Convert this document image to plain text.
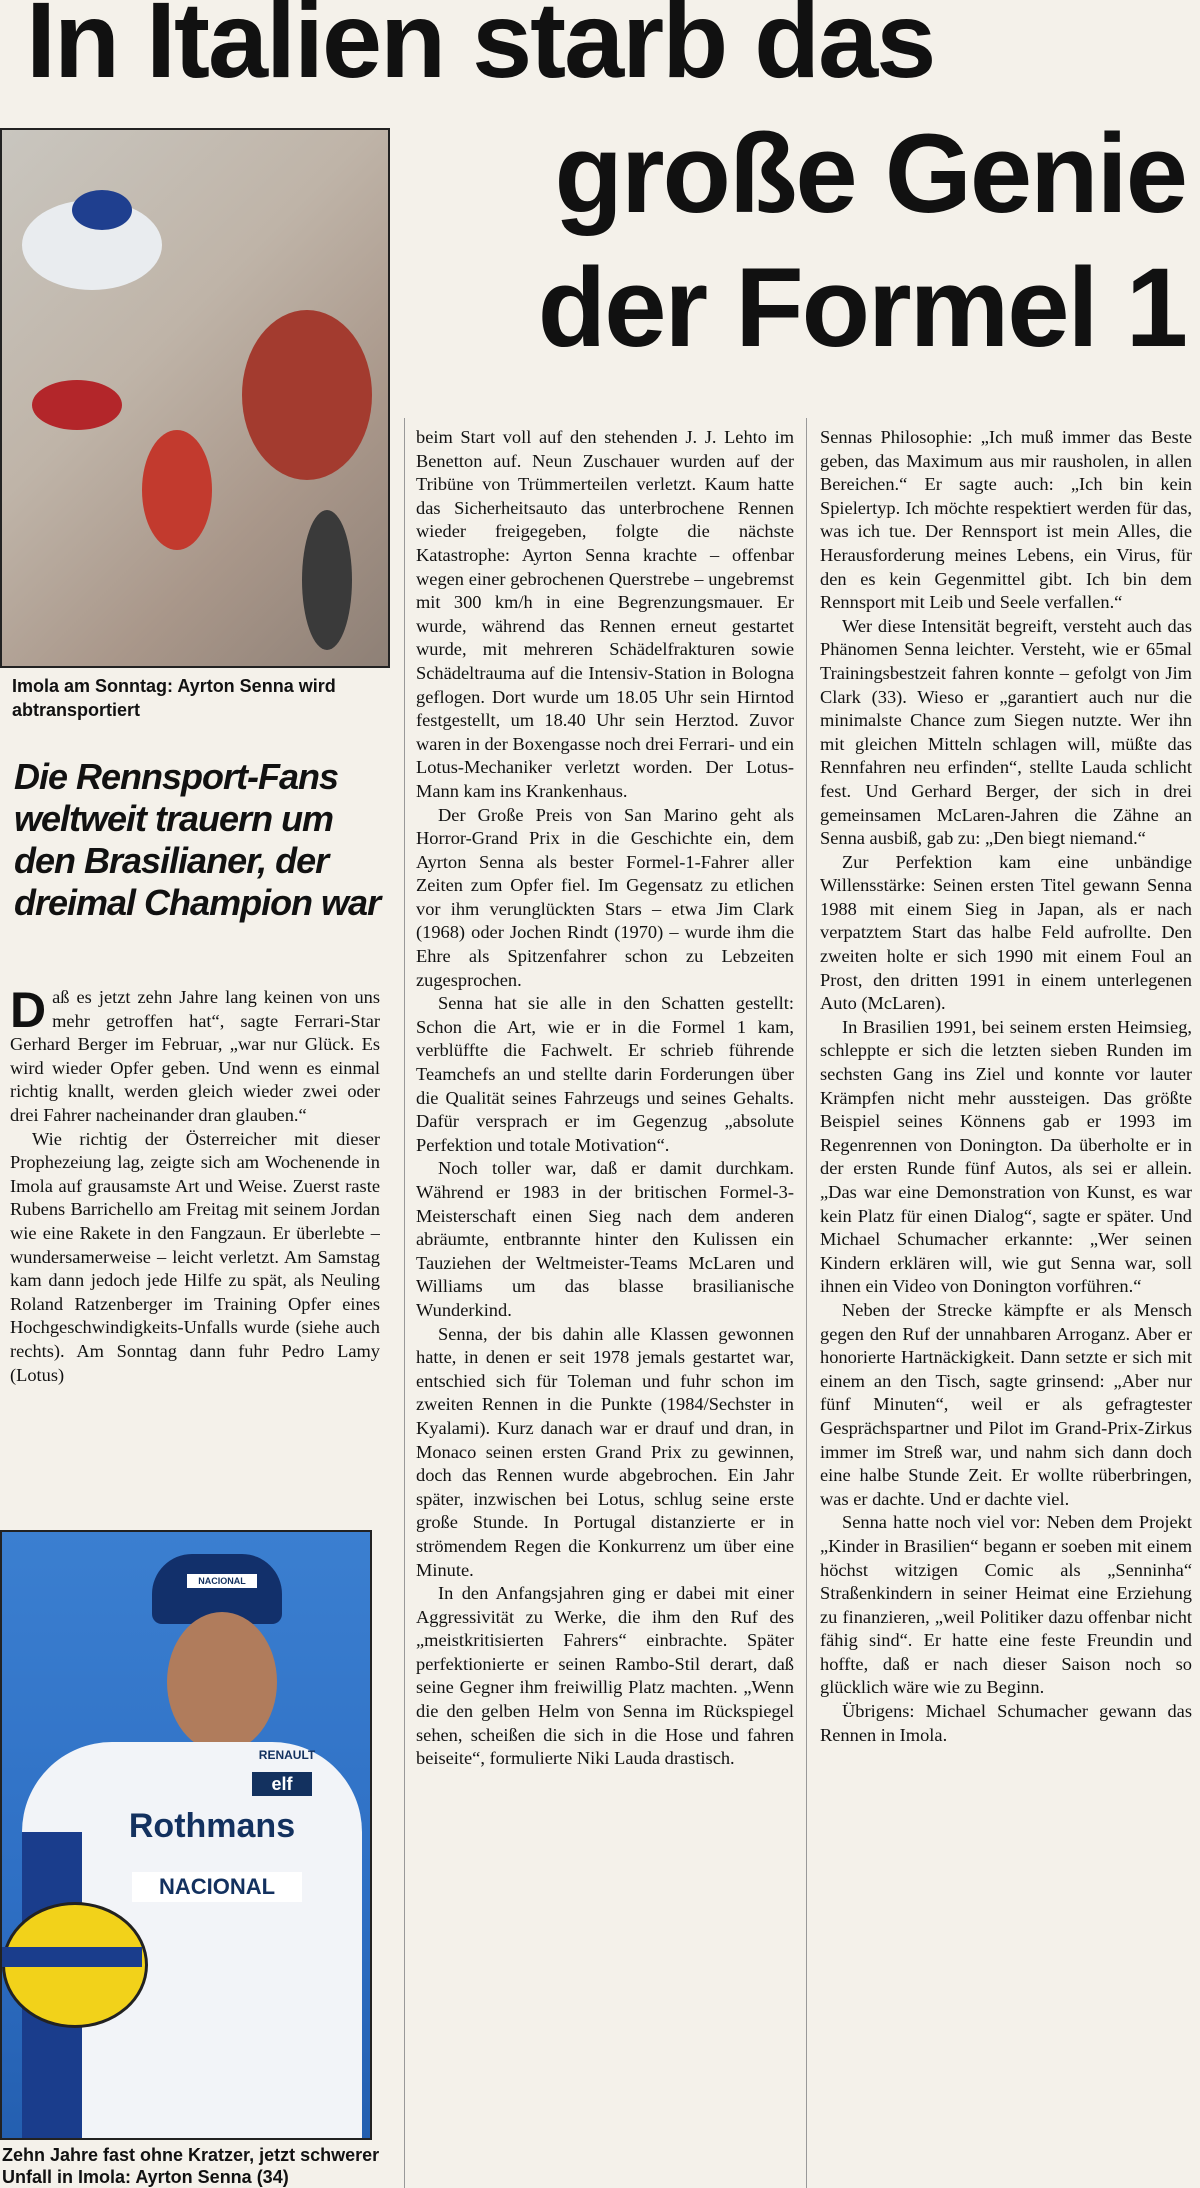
In Italien starb das
große Genie
der Formel 1
Imola am Sonntag: Ayrton Senna wird abtransportiert
Die Rennsport-Fans weltweit trauern um den Brasilianer, der dreimal Champion war

Daß es jetzt zehn Jahre lang keinen von uns mehr getroffen hat“, sagte Ferrari-Star Gerhard Berger im Februar, „war nur Glück. Es wird wieder Opfer geben. Und wenn es einmal richtig knallt, werden gleich wieder zwei oder drei Fahrer nacheinander dran glauben.“

Wie richtig der Österreicher mit dieser Prophezeiung lag, zeigte sich am Wochenende in Imola auf grausamste Art und Weise. Zuerst raste Rubens Barrichello am Freitag mit seinem Jordan wie eine Rakete in den Fangzaun. Er überlebte – wundersamerweise – leicht verletzt. Am Samstag kam dann jedoch jede Hilfe zu spät, als Neuling Roland Ratzenberger im Training Opfer eines Hochgeschwindigkeits-Unfalls wurde (siehe auch rechts). Am Sonntag dann fuhr Pedro Lamy (Lotus)

beim Start voll auf den stehenden J. J. Lehto im Benetton auf. Neun Zuschauer wurden auf der Tribüne von Trümmerteilen verletzt. Kaum hatte das Sicherheitsauto das unterbrochene Rennen wieder freigegeben, folgte die nächste Katastrophe: Ayrton Senna krachte – offenbar wegen einer gebrochenen Querstrebe – ungebremst mit 300 km/h in eine Begrenzungsmauer. Er wurde, während das Rennen erneut gestartet wurde, mit mehreren Schädelfrakturen sowie Schädeltrauma auf die Intensiv-Station in Bologna geflogen. Dort wurde um 18.05 Uhr sein Hirntod festgestellt, um 18.40 Uhr sein Herztod. Zuvor waren in der Boxengasse noch drei Ferrari- und ein Lotus-Mechaniker verletzt worden. Der Lotus-Mann kam ins Krankenhaus.

Der Große Preis von San Marino geht als Horror-Grand Prix in die Geschichte ein, dem Ayrton Senna als bester Formel-1-Fahrer aller Zeiten zum Opfer fiel. Im Gegensatz zu etlichen vor ihm verunglückten Stars – etwa Jim Clark (1968) oder Jochen Rindt (1970) – wurde ihm die Ehre als Spitzenfahrer schon zu Lebzeiten zugesprochen.

Senna hat sie alle in den Schatten gestellt: Schon die Art, wie er in die Formel 1 kam, verblüffte die Fachwelt. Er schrieb führende Teamchefs an und stellte darin Forderungen über die Qualität seines Fahrzeugs und seines Gehalts. Dafür versprach er im Gegenzug „absolute Perfektion und totale Motivation“.

Noch toller war, daß er damit durchkam. Während er 1983 in der britischen Formel-3-Meisterschaft einen Sieg nach dem anderen abräumte, entbrannte hinter den Kulissen ein Tauziehen der Weltmeister-Teams McLaren und Williams um das blasse brasilianische Wunderkind.

Senna, der bis dahin alle Klassen gewonnen hatte, in denen er seit 1978 jemals gestartet war, entschied sich für Toleman und fuhr schon im zweiten Rennen in die Punkte (1984/Sechster in Kyalami). Kurz danach war er drauf und dran, in Monaco seinen ersten Grand Prix zu gewinnen, doch das Rennen wurde abgebrochen. Ein Jahr später, inzwischen bei Lotus, schlug seine erste große Stunde. In Portugal distanzierte er in strömendem Regen die Konkurrenz um über eine Minute.

In den Anfangsjahren ging er dabei mit einer Aggressivität zu Werke, die ihm den Ruf des „meistkritisierten Fahrers“ einbrachte. Später perfektionierte er seinen Rambo-Stil derart, daß seine Gegner ihm freiwillig Platz machten. „Wenn die den gelben Helm von Senna im Rückspiegel sehen, scheißen die sich in die Hose und fahren beiseite“, formulierte Niki Lauda drastisch.

Sennas Philosophie: „Ich muß immer das Beste geben, das Maximum aus mir rausholen, in allen Bereichen.“ Er sagte auch: „Ich bin kein Spielertyp. Ich möchte respektiert werden für das, was ich tue. Der Rennsport ist mein Alles, die Herausforderung meines Lebens, ein Virus, für den es kein Gegenmittel gibt. Ich bin dem Rennsport mit Leib und Seele verfallen.“

Wer diese Intensität begreift, versteht auch das Phänomen Senna leichter. Versteht, wie er 65mal Trainingsbestzeit fahren konnte – gefolgt von Jim Clark (33). Wieso er „garantiert auch nur die minimalste Chance zum Siegen nutzte. Wer ihn mit gleichen Mitteln schlagen will, müßte das Rennfahren neu erfinden“, stellte Lauda schlicht fest. Und Gerhard Berger, der sich in drei gemeinsamen McLaren-Jahren die Zähne an Senna ausbiß, gab zu: „Den biegt niemand.“

Zur Perfektion kam eine unbändige Willensstärke: Seinen ersten Titel gewann Senna 1988 mit einem Sieg in Japan, als er nach verpatztem Start das halbe Feld aufrollte. Den zweiten holte er sich 1990 mit einem Foul an Prost, den dritten 1991 in einem unterlegenen Auto (McLaren).

In Brasilien 1991, bei seinem ersten Heimsieg, schleppte er sich die letzten sieben Runden im sechsten Gang ins Ziel und konnte vor lauter Krämpfen nicht mehr aussteigen. Das größte Beispiel seines Könnens gab er 1993 im Regenrennen von Donington. Da überholte er in der ersten Runde fünf Autos, als sei er allein. „Das war eine Demonstration von Kunst, es war kein Platz für einen Dialog“, sagte er später. Und Michael Schumacher erkannte: „Wer seinen Kindern erklären will, wie gut Senna war, soll ihnen ein Video von Donington vorführen.“

Neben der Strecke kämpfte er als Mensch gegen den Ruf der unnahbaren Arroganz. Aber er honorierte Hartnäckigkeit. Dann setzte er sich mit einem an den Tisch, sagte grinsend: „Aber nur fünf Minuten“, weil er als gefragtester Gesprächspartner und Pilot im Grand-Prix-Zirkus immer im Streß war, und nahm sich dann doch eine halbe Stunde Zeit. Er wollte rüberbringen, was er dachte. Und er dachte viel.

Senna hatte noch viel vor: Neben dem Projekt „Kinder in Brasilien“ begann er soeben mit einem höchst witzigen Comic als „Senninha“ Straßenkindern in seiner Heimat eine Erziehung zu finanzieren, „weil Politiker dazu offenbar nicht fähig sind“. Er hatte eine feste Freundin und hoffte, daß er nach dieser Saison noch so glücklich wäre wie zu Beginn.

Übrigens: Michael Schumacher gewann das Rennen in Imola.

NACIONAL
Rothmans
elf
RENAULT
NACIONAL
Zehn Jahre fast ohne Kratzer, jetzt schwerer Unfall in Imola: Ayrton Senna (34)
